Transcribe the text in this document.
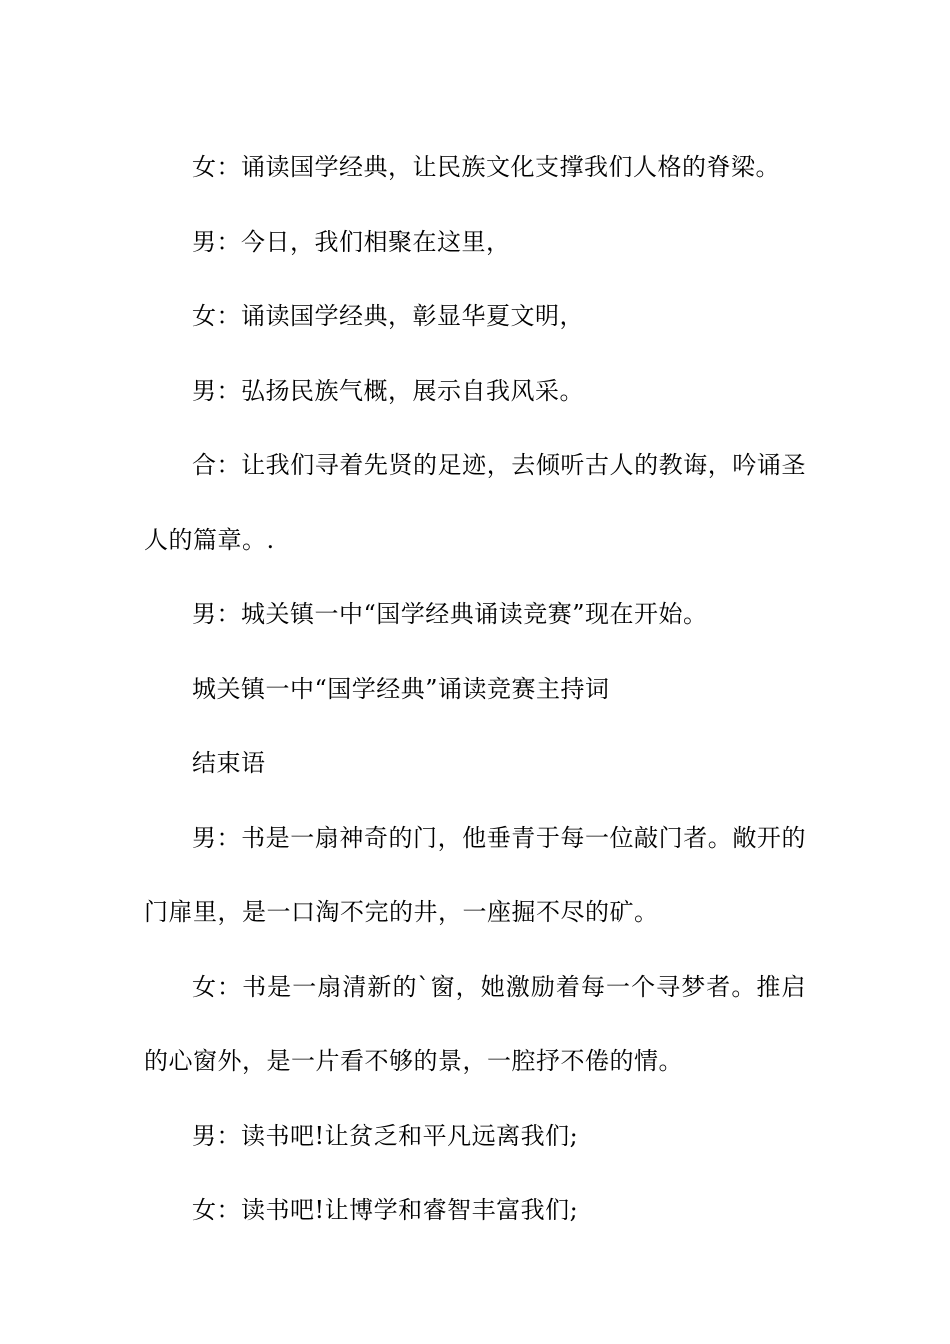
女：诵读国学经典，让民族文化支撑我们人格的脊梁。

男：今日，我们相聚在这里，

女：诵读国学经典，彰显华夏文明，

男：弘扬民族气概，展示自我风采。

合：让我们寻着先贤的足迹，去倾听古人的教诲，吟诵圣人的篇章。.

男：城关镇一中“国学经典诵读竞赛”现在开始。

城关镇一中“国学经典”诵读竞赛主持词

结束语

男：书是一扇神奇的门，他垂青于每一位敲门者。敞开的门扉里，是一口淘不完的井，一座掘不尽的矿。

女：书是一扇清新的`窗，她激励着每一个寻梦者。推启的心窗外，是一片看不够的景，一腔抒不倦的情。

男：读书吧!让贫乏和平凡远离我们;

女：读书吧!让博学和睿智丰富我们;
